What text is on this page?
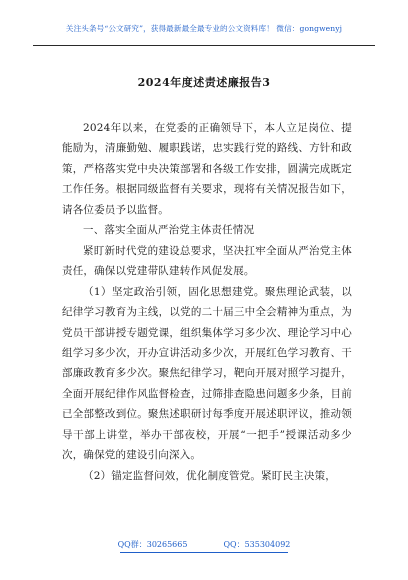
关注头条号“公文研究”，获得最新最全最专业的公文资料库！ 微信：gongwenyj
2024年度述责述廉报告3

2024年以来，在党委的正确领导下，本人立足岗位、提能励为，清廉勤勉、履职践诺，忠实践行党的路线、方针和政策，严格落实党中央决策部署和各级工作安排，圆满完成既定工作任务。根据同级监督有关要求，现将有关情况报告如下，请各位委员予以监督。

一、落实全面从严治党主体责任情况

紧盯新时代党的建设总要求，坚决扛牢全面从严治党主体责任，确保以党建带队建转作风促发展。

（1）坚定政治引领，固化思想建党。聚焦理论武装，以纪律学习教育为主线，以党的二十届三中全会精神为重点，为党员干部讲授专题党课，组织集体学习多少次、理论学习中心组学习多少次，开办宣讲活动多少次，开展红色学习教育、干部廉政教育多少次。聚焦纪律学习，靶向开展对照学习提升，全面开展纪律作风监督检查，过筛排查隐患问题多少条，目前已全部整改到位。聚焦述职研讨每季度开展述职评议，推动领导干部上讲堂，举办干部夜校，开展“一把手”授课活动多少次，确保党的建设引向深入。

（2）锚定监督问效，优化制度管党。紧盯民主决策，

QQ群：30265665	QQ：535304092
